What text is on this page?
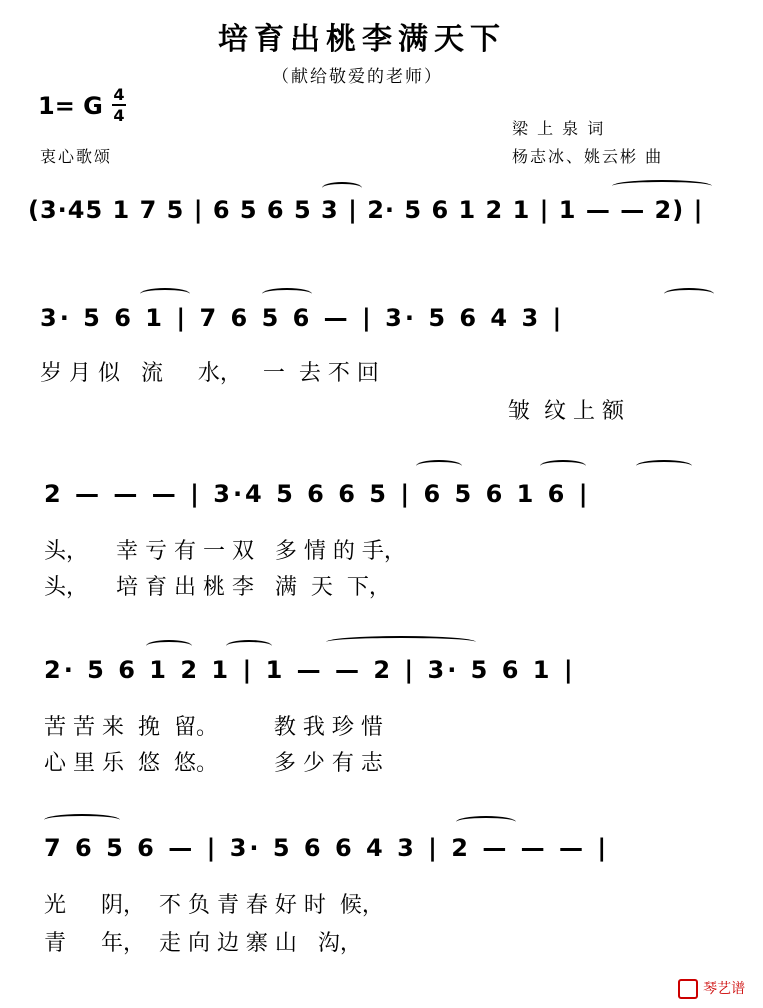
培育出桃李满天下
（献给敬爱的老师）
1= G 4
4
衷心歌颂
梁 上 泉 词
杨志冰、姚云彬 曲
(3·45 1 7 5 | 6 5 6 5 3 | 2· 5 6 1 2 1 | 1 — — 2) |
3· 5 6 1 | 7 6 5 6 — | 3· 5 6 4 3 |
岁 月 似   流     水，   一  去 不 回
皱  纹 上 额
2 — — — | 3·4 5 6 6 5 | 6 5 6 1 6 |
头，    幸 亏 有 一 双   多 情 的 手，
头，    培 育 出 桃 李   满  天  下，
2· 5 6 1 2 1 | 1 — — 2 | 3· 5 6 1 |
苦 苦 来  挽  留。        教 我 珍 惜
心 里 乐  悠  悠。        多 少 有 志
7 6 5 6 — | 3· 5 6 6 4 3 | 2 — — — |
光     阴，  不 负 青 春 好 时  候，
青     年，  走 向 边 寨 山   沟，
琴艺谱
